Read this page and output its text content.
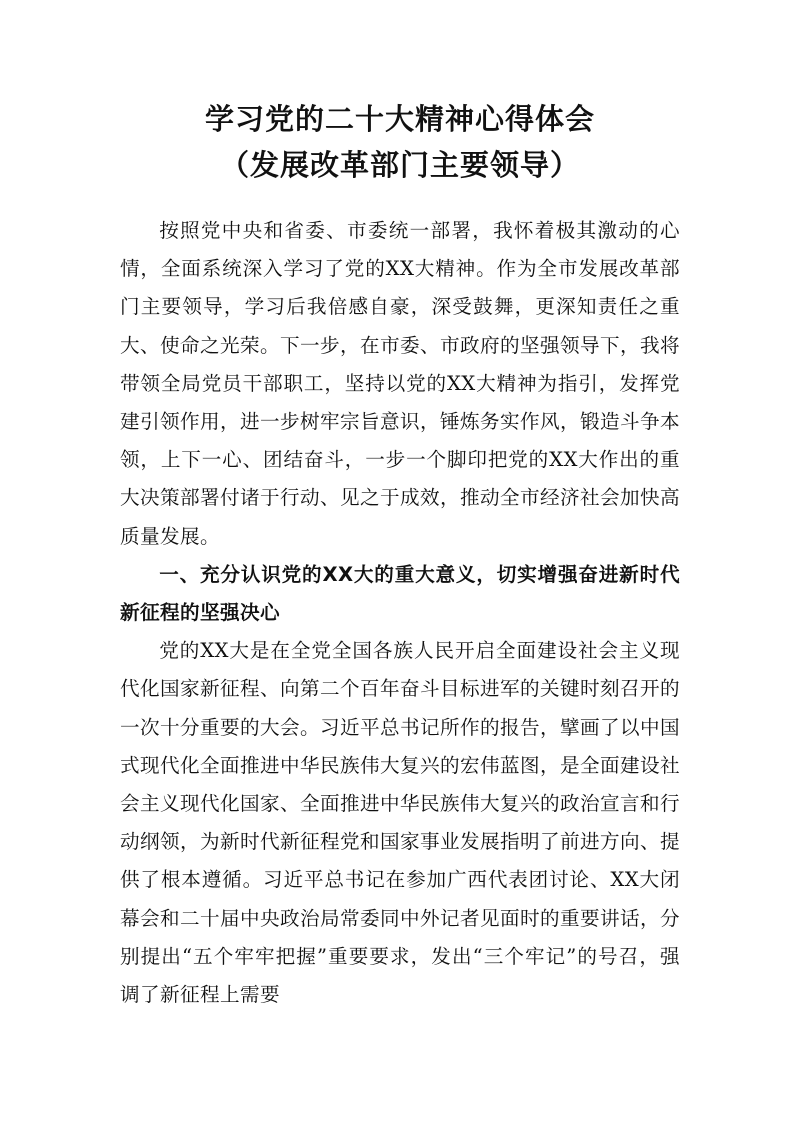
学习党的二十大精神心得体会
（发展改革部门主要领导）

按照党中央和省委、市委统一部署，我怀着极其激动的心情，全面系统深入学习了党的XX大精神。作为全市发展改革部门主要领导，学习后我倍感自豪，深受鼓舞，更深知责任之重大、使命之光荣。下一步，在市委、市政府的坚强领导下，我将带领全局党员干部职工，坚持以党的XX大精神为指引，发挥党建引领作用，进一步树牢宗旨意识，锤炼务实作风，锻造斗争本领，上下一心、团结奋斗，一步一个脚印把党的XX大作出的重大决策部署付诸于行动、见之于成效，推动全市经济社会加快高质量发展。

一、充分认识党的XX大的重大意义，切实增强奋进新时代新征程的坚强决心

党的XX大是在全党全国各族人民开启全面建设社会主义现代化国家新征程、向第二个百年奋斗目标进军的关键时刻召开的一次十分重要的大会。习近平总书记所作的报告，擘画了以中国式现代化全面推进中华民族伟大复兴的宏伟蓝图，是全面建设社会主义现代化国家、全面推进中华民族伟大复兴的政治宣言和行动纲领，为新时代新征程党和国家事业发展指明了前进方向、提供了根本遵循。习近平总书记在参加广西代表团讨论、XX大闭幕会和二十届中央政治局常委同中外记者见面时的重要讲话，分别提出“五个牢牢把握”重要要求，发出“三个牢记”的号召，强调了新征程上需要
